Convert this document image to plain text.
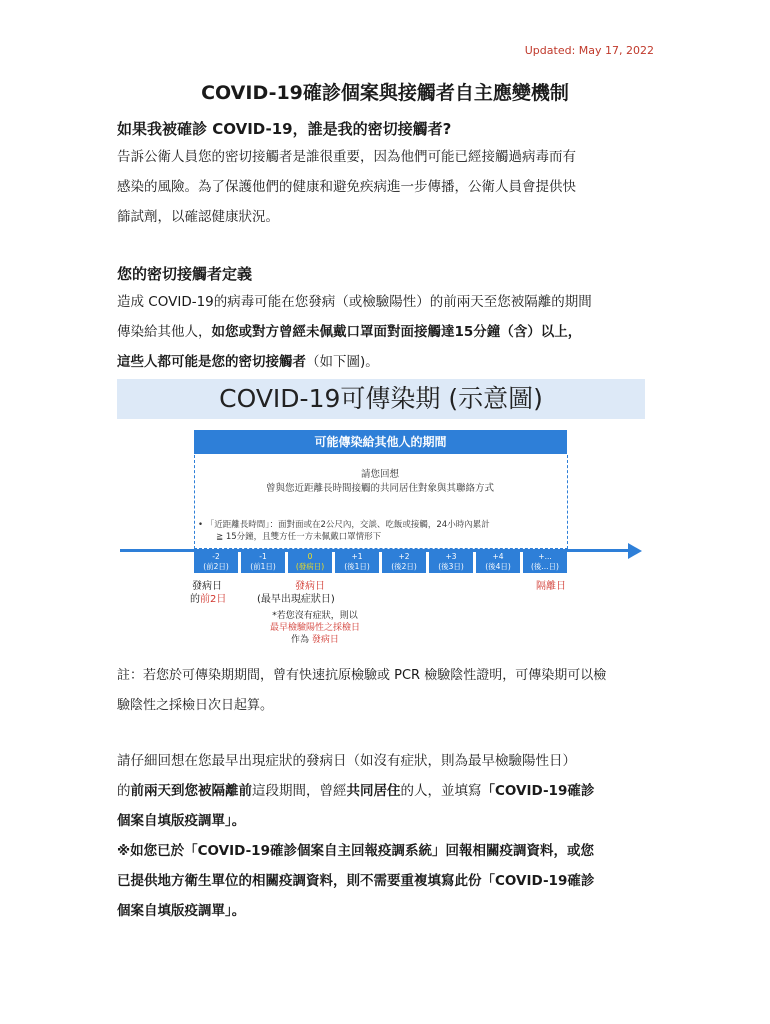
Updated: May 17, 2022
COVID-19確診個案與接觸者自主應變機制
如果我被確診 COVID-19，誰是我的密切接觸者?
告訴公衛人員您的密切接觸者是誰很重要，因為他們可能已經接觸過病毒而有
感染的風險。為了保護他們的健康和避免疾病進一步傳播，公衛人員會提供快
篩試劑，以確認健康狀況。
您的密切接觸者定義
造成 COVID-19的病毒可能在您發病（或檢驗陽性）的前兩天至您被隔離的期間
傳染給其他人，如您或對方曾經未佩戴口罩面對面接觸達15分鐘（含）以上，
這些人都可能是您的密切接觸者（如下圖)。
COVID-19可傳染期 (示意圖)
可能傳染給其他人的期間
請您回想
曾與您近距離長時間接觸的共同居住對象與其聯絡方式
• 「近距離長時間」：面對面或在2公尺內，交談、吃飯或接觸，24小時內累計
≧ 15分鐘，且雙方任一方未佩戴口罩情形下
-2
(前2日)
-1
(前1日)
0
(發病日)
+1
(後1日)
+2
(後2日)
+3
(後3日)
+4
(後4日)
+...
(後...日)
發病日
的前2日
發病日
(最早出現症狀日)
隔離日
*若您沒有症狀，則以
最早檢驗陽性之採檢日
作為 發病日
註：若您於可傳染期期間，曾有快速抗原檢驗或 PCR 檢驗陰性證明，可傳染期可以檢
驗陰性之採檢日次日起算。
請仔細回想在您最早出現症狀的發病日（如沒有症狀，則為最早檢驗陽性日）
的前兩天到您被隔離前這段期間，曾經共同居住的人，並填寫「COVID-19確診
個案自填版疫調單」。
※如您已於「COVID-19確診個案自主回報疫調系統」回報相關疫調資料，或您
已提供地方衛生單位的相關疫調資料，則不需要重複填寫此份「COVID-19確診
個案自填版疫調單」。
